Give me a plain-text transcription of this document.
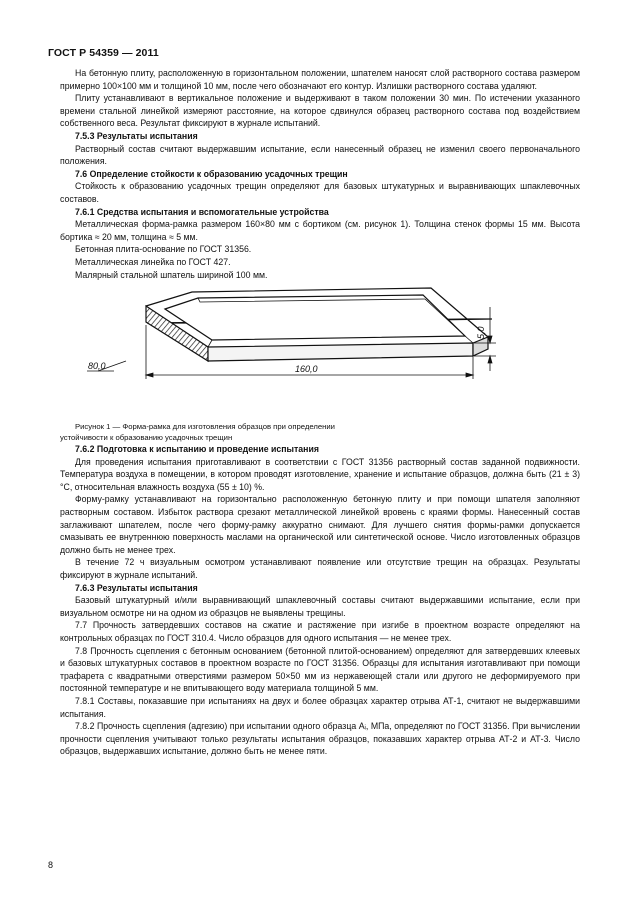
ГОСТ Р 54359 — 2011

На бетонную плиту, расположенную в горизонтальном положении, шпателем наносят слой растворного состава размером примерно 100×100 мм и толщиной 10 мм, после чего обозначают его контур. Излишки растворного состава удаляют.

Плиту устанавливают в вертикальное положение и выдерживают в таком положении 30 мин. По истечении указанного времени стальной линейкой измеряют расстояние, на которое сдвинулся образец растворного состава под воздействием собственного веса. Результат фиксируют в журнале испытаний.

7.5.3 Результаты испытания

Растворный состав считают выдержавшим испытание, если нанесенный образец не изменил своего первоначального положения.

7.6 Определение стойкости к образованию усадочных трещин

Стойкость к образованию усадочных трещин определяют для базовых штукатурных и выравнивающих шпаклевочных составов.

7.6.1 Средства испытания и вспомогательные устройства

Металлическая форма-рамка размером 160×80 мм с бортиком (см. рисунок 1). Толщина стенок формы 15 мм. Высота бортика ≈ 20 мм, толщина ≈ 5 мм.

Бетонная плита-основание по ГОСТ 31356.

Металлическая линейка по ГОСТ 427.

Малярный стальной шпатель шириной 100 мм.

80,0	160,0
5,0

Рисунок 1 — Форма-рамка для изготовления образцов при определении
устойчивости к образованию усадочных трещин

7.6.2 Подготовка к испытанию и проведение испытания

Для проведения испытания приготавливают в соответствии с ГОСТ 31356 растворный состав заданной подвижности. Температура воздуха в помещении, в котором проводят изготовление, хранение и испытание образцов, должна быть (21 ± 3) °С, относительная влажность воздуха (55 ± 10) %.

Форму-рамку устанавливают на горизонтально расположенную бетонную плиту и при помощи шпателя заполняют растворным составом. Избыток раствора срезают металлической линейкой вровень с краями формы. Нанесенный состав заглаживают шпателем, после чего форму-рамку аккуратно снимают. Для лучшего снятия формы-рамки допускается смазывать ее внутреннюю поверхность маслами на органической или синтетической основе. Число изготовленных образцов должно быть не менее трех.

В течение 72 ч визуальным осмотром устанавливают появление или отсутствие трещин на образцах. Результаты фиксируют в журнале испытаний.

7.6.3 Результаты испытания

Базовый штукатурный и/или выравнивающий шпаклевочный составы считают выдержавшими испытание, если при визуальном осмотре ни на одном из образцов не выявлены трещины.

7.7 Прочность затвердевших составов на сжатие и растяжение при изгибе в проектном возрасте определяют на контрольных образцах по ГОСТ 310.4. Число образцов для одного испытания — не менее трех.

7.8 Прочность сцепления с бетонным основанием (бетонной плитой-основанием) определяют для затвердевших клеевых и базовых штукатурных составов в проектном возрасте по ГОСТ 31356. Образцы для испытания изготавливают при помощи трафарета с квадратными отверстиями размером 50×50 мм из нержавеющей стали или другого не деформируемого при постоянной температуре и не впитывающего воду материала толщиной 5 мм.

7.8.1 Составы, показавшие при испытаниях на двух и более образцах характер отрыва АТ-1, считают не выдержавшими испытания.

7.8.2 Прочность сцепления (адгезию) при испытании одного образца Aᵢ, МПа, определяют по ГОСТ 31356. При вычислении прочности сцепления учитывают только результаты испытания образцов, показавших характер отрыва АТ-2 и АТ-3. Число образцов, выдержавших испытание, должно быть не менее пяти.

8
